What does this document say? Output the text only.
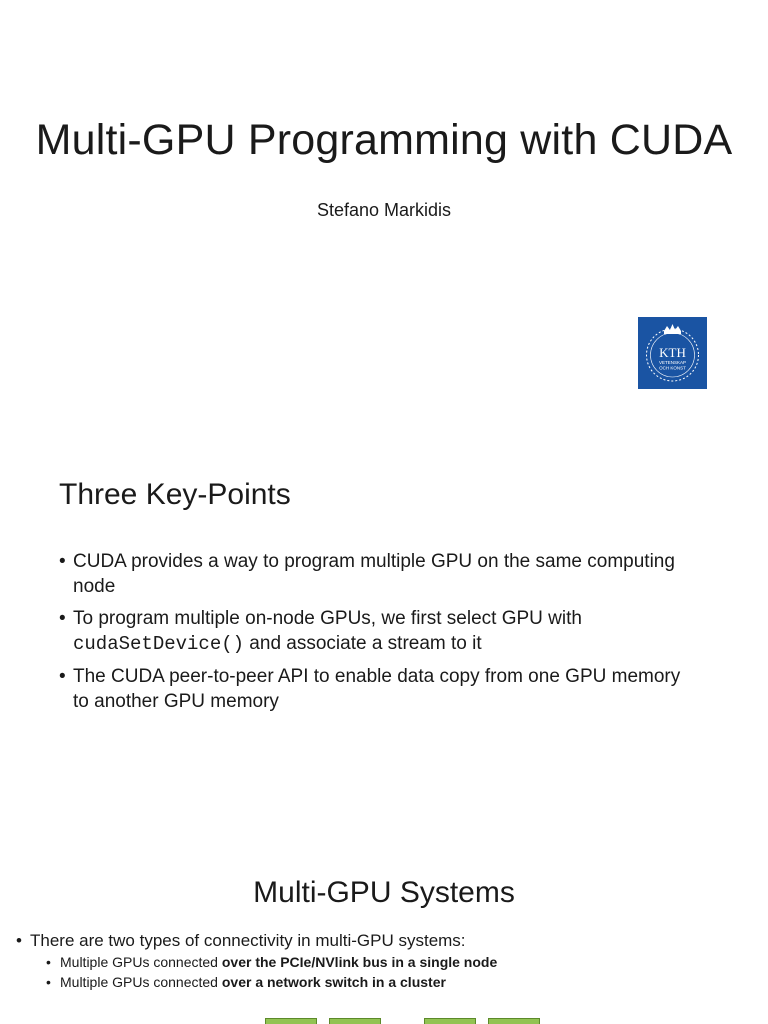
Multi-GPU Programming with CUDA
Stefano Markidis
KTH
VETENSKAP
OCH KONST
Three Key-Points
• CUDA provides a way to program multiple GPU on the same computing node
• To program multiple on-node GPUs, we first select GPU with cudaSetDevice() and associate a stream to it
• The CUDA peer-to-peer API to enable data copy from one GPU memory to another GPU memory
Multi-GPU Systems
• There are two types of connectivity in multi-GPU systems:
• Multiple GPUs connected over the PCIe/NVlink bus in a single node
• Multiple GPUs connected over a network switch in a cluster
